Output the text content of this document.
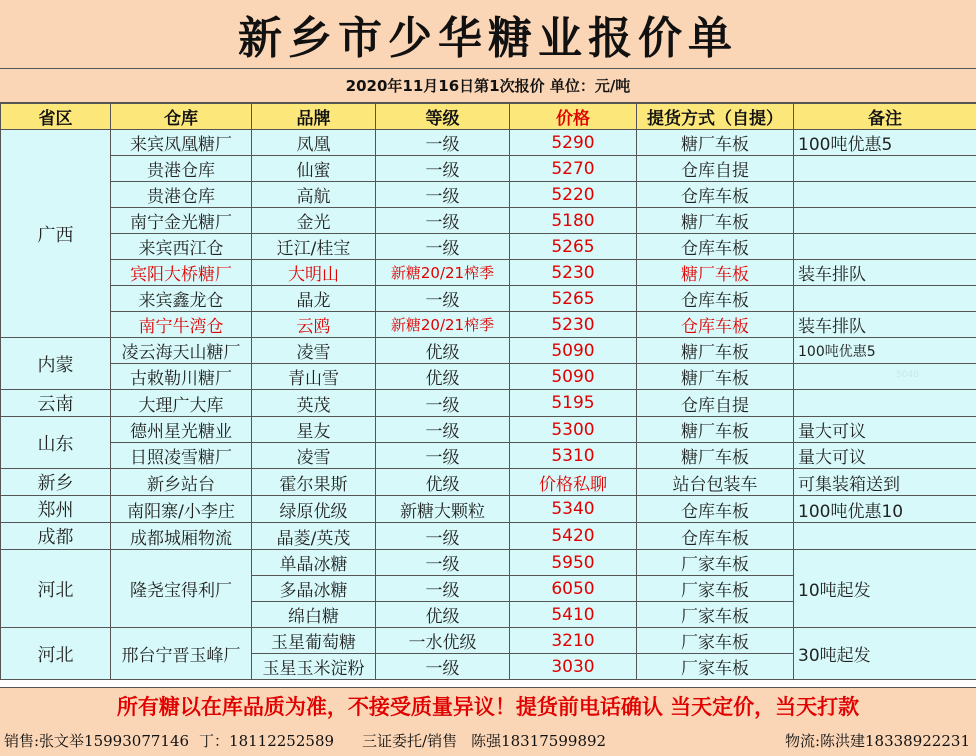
新乡市少华糖业报价单
2020年11月16日第1次报价 单位：元/吨
省区	仓库	品牌	等级	价格	提货方式（自提）	备注
广西	来宾凤凰糖厂	凤凰	一级	5290	糖厂车板	100吨优惠5
	贵港仓库	仙蜜	一级	5270	仓库自提	
	贵港仓库	高航	一级	5220	仓库车板	
	南宁金光糖厂	金光	一级	5180	糖厂车板	
	来宾西江仓	迁江/桂宝	一级	5265	仓库车板	
	宾阳大桥糖厂	大明山	新糖20/21榨季	5230	糖厂车板	装车排队
	来宾鑫龙仓	晶龙	一级	5265	仓库车板	
	南宁牛湾仓	云鸥	新糖20/21榨季	5230	仓库车板	装车排队
内蒙	凌云海天山糖厂	凌雪	优级	5090	糖厂车板	100吨优惠5
	古敕勒川糖厂	青山雪	优级	5090	糖厂车板	
云南	大理广大库	英茂	一级	5195	仓库自提	
山东	德州星光糖业	星友	一级	5300	糖厂车板	量大可议
	日照凌雪糖厂	凌雪	一级	5310	糖厂车板	量大可议
新乡	新乡站台	霍尔果斯	优级	价格私聊	站台包装车	可集装箱送到
郑州	南阳寨/小李庄	绿原优级	新糖大颗粒	5340	仓库车板	100吨优惠10
成都	成都城厢物流	晶菱/英茂	一级	5420	仓库车板	
河北	隆尧宝得利厂	单晶冰糖	一级	5950	厂家车板	10吨起发
		多晶冰糖	一级	6050	厂家车板	
		绵白糖	优级	5410	厂家车板	
河北	邢台宁晋玉峰厂	玉星葡萄糖	一水优级	3210	厂家车板	30吨起发
		玉星玉米淀粉	一级	3030	厂家车板	
5040
所有糖以在库品质为准，不接受质量异议！提货前电话确认 当天定价，当天打款
销售:张文举15993077146 丁：18112252589 三证委托/销售 陈强18317599892	物流:陈洪建18338922231
